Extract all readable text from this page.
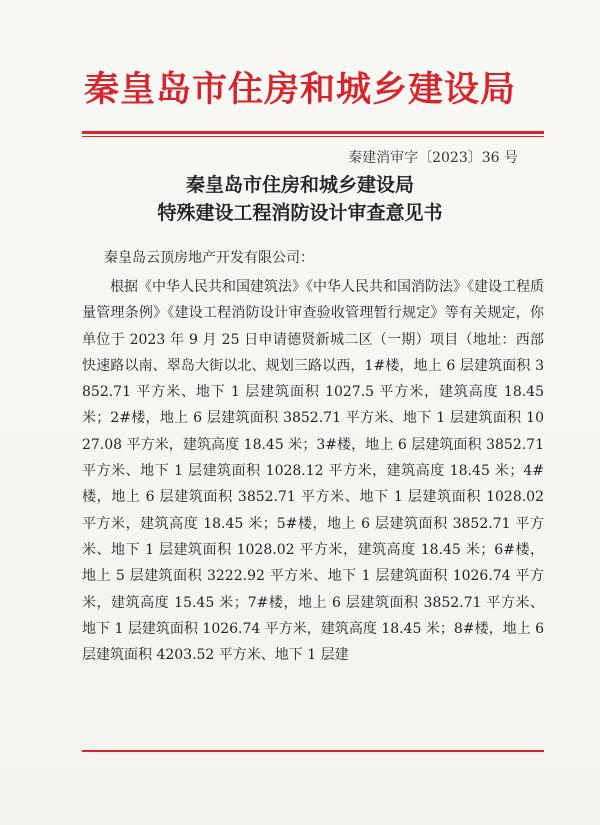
秦皇岛市住房和城乡建设局
秦建消审字〔2023〕36 号
秦皇岛市住房和城乡建设局
特殊建设工程消防设计审查意见书
秦皇岛云顶房地产开发有限公司：

根据《中华人民共和国建筑法》《中华人民共和国消防法》《建设工程质量管理条例》《建设工程消防设计审查验收管理暂行规定》等有关规定，你单位于 2023 年 9 月 25 日申请德贤新城二区（一期）项目（地址：西部快速路以南、翠岛大街以北、规划三路以西，1#楼，地上 6 层建筑面积 3852.71 平方米、地下 1 层建筑面积 1027.5 平方米，建筑高度 18.45 米；2#楼，地上 6 层建筑面积 3852.71 平方米、地下 1 层建筑面积 1027.08 平方米，建筑高度 18.45 米；3#楼，地上 6 层建筑面积 3852.71 平方米、地下 1 层建筑面积 1028.12 平方米，建筑高度 18.45 米；4#楼，地上 6 层建筑面积 3852.71 平方米、地下 1 层建筑面积 1028.02 平方米，建筑高度 18.45 米；5#楼，地上 6 层建筑面积 3852.71 平方米、地下 1 层建筑面积 1028.02 平方米，建筑高度 18.45 米；6#楼，地上 5 层建筑面积 3222.92 平方米、地下 1 层建筑面积 1026.74 平方米，建筑高度 15.45 米；7#楼，地上 6 层建筑面积 3852.71 平方米、地下 1 层建筑面积 1026.74 平方米，建筑高度 18.45 米；8#楼，地上 6 层建筑面积 4203.52 平方米、地下 1 层建
